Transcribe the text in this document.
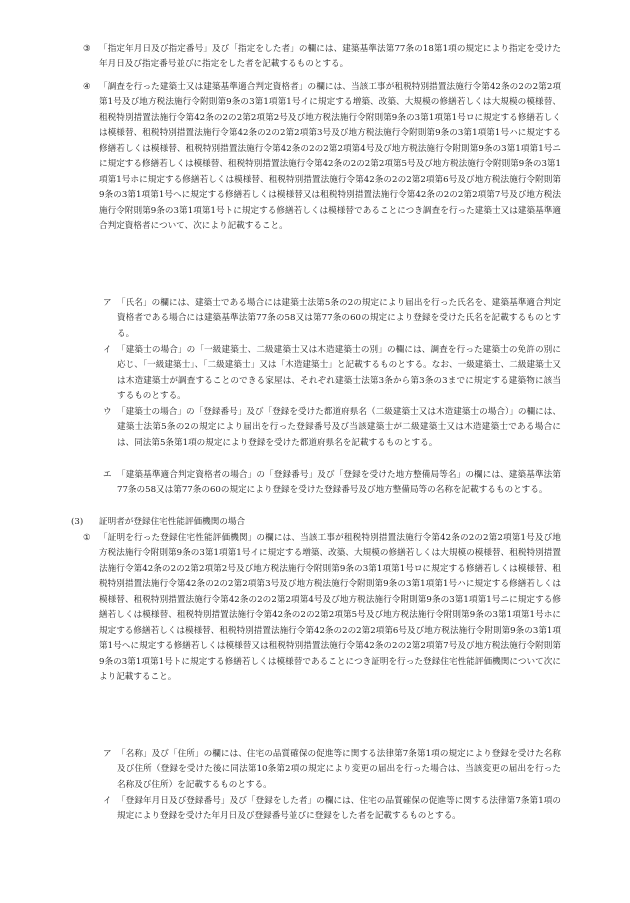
③ 「指定年月日及び指定番号」及び「指定をした者」の欄には、建築基準法第77条の18第1項の規定により指定を受けた年月日及び指定番号並びに指定をした者を記載するものとする。
④ 「調査を行った建築士又は建築基準適合判定資格者」の欄には、当該工事が租税特別措置法施行令第42条の2の2第2項第1号及び地方税法施行令附則第9条の3第1項第1号イに規定する増築、改築、大規模の修繕若しくは大規模の模様替、租税特別措置法施行令第42条の2の2第2項第2号及び地方税法施行令附則第9条の3第1項第1号ロに規定する修繕若しくは模様替、租税特別措置法施行令第42条の2の2第2項第3号及び地方税法施行令附則第9条の3第1項第1号ハに規定する修繕若しくは模様替、租税特別措置法施行令第42条の2の2第2項第4号及び地方税法施行令附則第9条の3第1項第1号ニに規定する修繕若しくは模様替、租税特別措置法施行令第42条の2の2第2項第5号及び地方税法施行令附則第9条の3第1項第1号ホに規定する修繕若しくは模様替、租税特別措置法施行令第42条の2の2第2項第6号及び地方税法施行令附則第9条の3第1項第1号へに規定する修繕若しくは模様替又は租税特別措置法施行令第42条の2の2第2項第7号及び地方税法施行令附則第9条の3第1項第1号トに規定する修繕若しくは模様替であることにつき調査を行った建築士又は建築基準適合判定資格者について、次により記載すること。
ア 「氏名」の欄には、建築士である場合には建築士法第5条の2の規定により届出を行った氏名を、建築基準適合判定資格者である場合には建築基準法第77条の58又は第77条の60の規定により登録を受けた氏名を記載するものとする。
イ 「建築士の場合」の「一級建築士、二級建築士又は木造建築士の別」の欄には、調査を行った建築士の免許の別に応じ、「一級建築士」、「二級建築士」又は「木造建築士」と記載するものとする。なお、一級建築士、二級建築士又は木造建築士が調査することのできる家屋は、それぞれ建築士法第3条から第3条の3までに規定する建築物に該当するものとする。
ウ 「建築士の場合」の「登録番号」及び「登録を受けた都道府県名（二級建築士又は木造建築士の場合）」の欄には、建築士法第5条の2の規定により届出を行った登録番号及び当該建築士が二級建築士又は木造建築士である場合には、同法第5条第1項の規定により登録を受けた都道府県名を記載するものとする。
エ 「建築基準適合判定資格者の場合」の「登録番号」及び「登録を受けた地方整備局等名」の欄には、建築基準法第77条の58又は第77条の60の規定により登録を受けた登録番号及び地方整備局等の名称を記載するものとする。
(3) 証明者が登録住宅性能評価機関の場合
① 「証明を行った登録住宅性能評価機関」の欄には、当該工事が租税特別措置法施行令第42条の2の2第2項第1号及び地方税法施行令附則第9条の3第1項第1号イに規定する増築、改築、大規模の修繕若しくは大規模の模様替、租税特別措置法施行令第42条の2の2第2項第2号及び地方税法施行令附則第9条の3第1項第1号ロに規定する修繕若しくは模様替、租税特別措置法施行令第42条の2の2第2項第3号及び地方税法施行令附則第9条の3第1項第1号ハに規定する修繕若しくは模様替、租税特別措置法施行令第42条の2の2第2項第4号及び地方税法施行令附則第9条の3第1項第1号ニに規定する修繕若しくは模様替、租税特別措置法施行令第42条の2の2第2項第5号及び地方税法施行令附則第9条の3第1項第1号ホに規定する修繕若しくは模様替、租税特別措置法施行令第42条の2の2第2項第6号及び地方税法施行令附則第9条の3第1項第1号へに規定する修繕若しくは模様替又は租税特別措置法施行令第42条の2の2第2項第7号及び地方税法施行令附則第9条の3第1項第1号トに規定する修繕若しくは模様替であることにつき証明を行った登録住宅性能評価機関について次により記載すること。
ア 「名称」及び「住所」の欄には、住宅の品質確保の促進等に関する法律第7条第1項の規定により登録を受けた名称及び住所（登録を受けた後に同法第10条第2項の規定により変更の届出を行った場合は、当該変更の届出を行った名称及び住所）を記載するものとする。
イ 「登録年月日及び登録番号」及び「登録をした者」の欄には、住宅の品質確保の促進等に関する法律第7条第1項の規定により登録を受けた年月日及び登録番号並びに登録をした者を記載するものとする。
